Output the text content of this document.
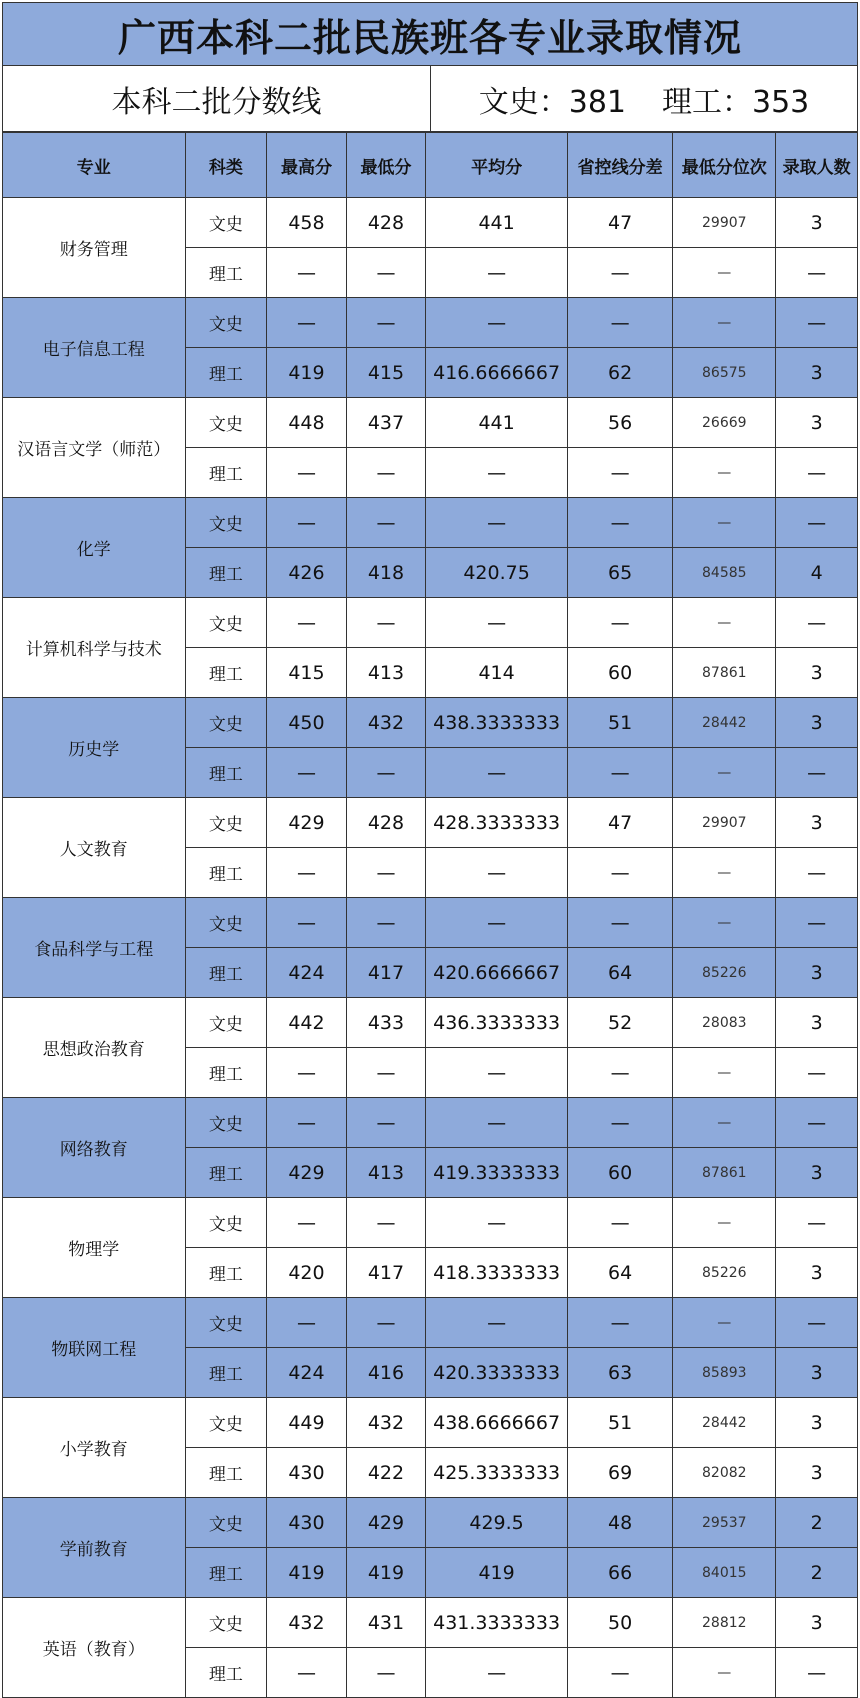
广西本科二批民族班各专业录取情况
本科二批分数线	文史：381 理工：353
专业	科类	最高分	最低分	平均分	省控线分差	最低分位次	录取人数
财务管理	文史	458	428	441	47	29907	3
	理工	—	—	—	—	—	—
电子信息工程	文史	—	—	—	—	—	—
	理工	419	415	416.6666667	62	86575	3
汉语言文学（师范）	文史	448	437	441	56	26669	3
	理工	—	—	—	—	—	—
化学	文史	—	—	—	—	—	—
	理工	426	418	420.75	65	84585	4
计算机科学与技术	文史	—	—	—	—	—	—
	理工	415	413	414	60	87861	3
历史学	文史	450	432	438.3333333	51	28442	3
	理工	—	—	—	—	—	—
人文教育	文史	429	428	428.3333333	47	29907	3
	理工	—	—	—	—	—	—
食品科学与工程	文史	—	—	—	—	—	—
	理工	424	417	420.6666667	64	85226	3
思想政治教育	文史	442	433	436.3333333	52	28083	3
	理工	—	—	—	—	—	—
网络教育	文史	—	—	—	—	—	—
	理工	429	413	419.3333333	60	87861	3
物理学	文史	—	—	—	—	—	—
	理工	420	417	418.3333333	64	85226	3
物联网工程	文史	—	—	—	—	—	—
	理工	424	416	420.3333333	63	85893	3
小学教育	文史	449	432	438.6666667	51	28442	3
	理工	430	422	425.3333333	69	82082	3
学前教育	文史	430	429	429.5	48	29537	2
	理工	419	419	419	66	84015	2
英语（教育）	文史	432	431	431.3333333	50	28812	3
	理工	—	—	—	—	—	—
